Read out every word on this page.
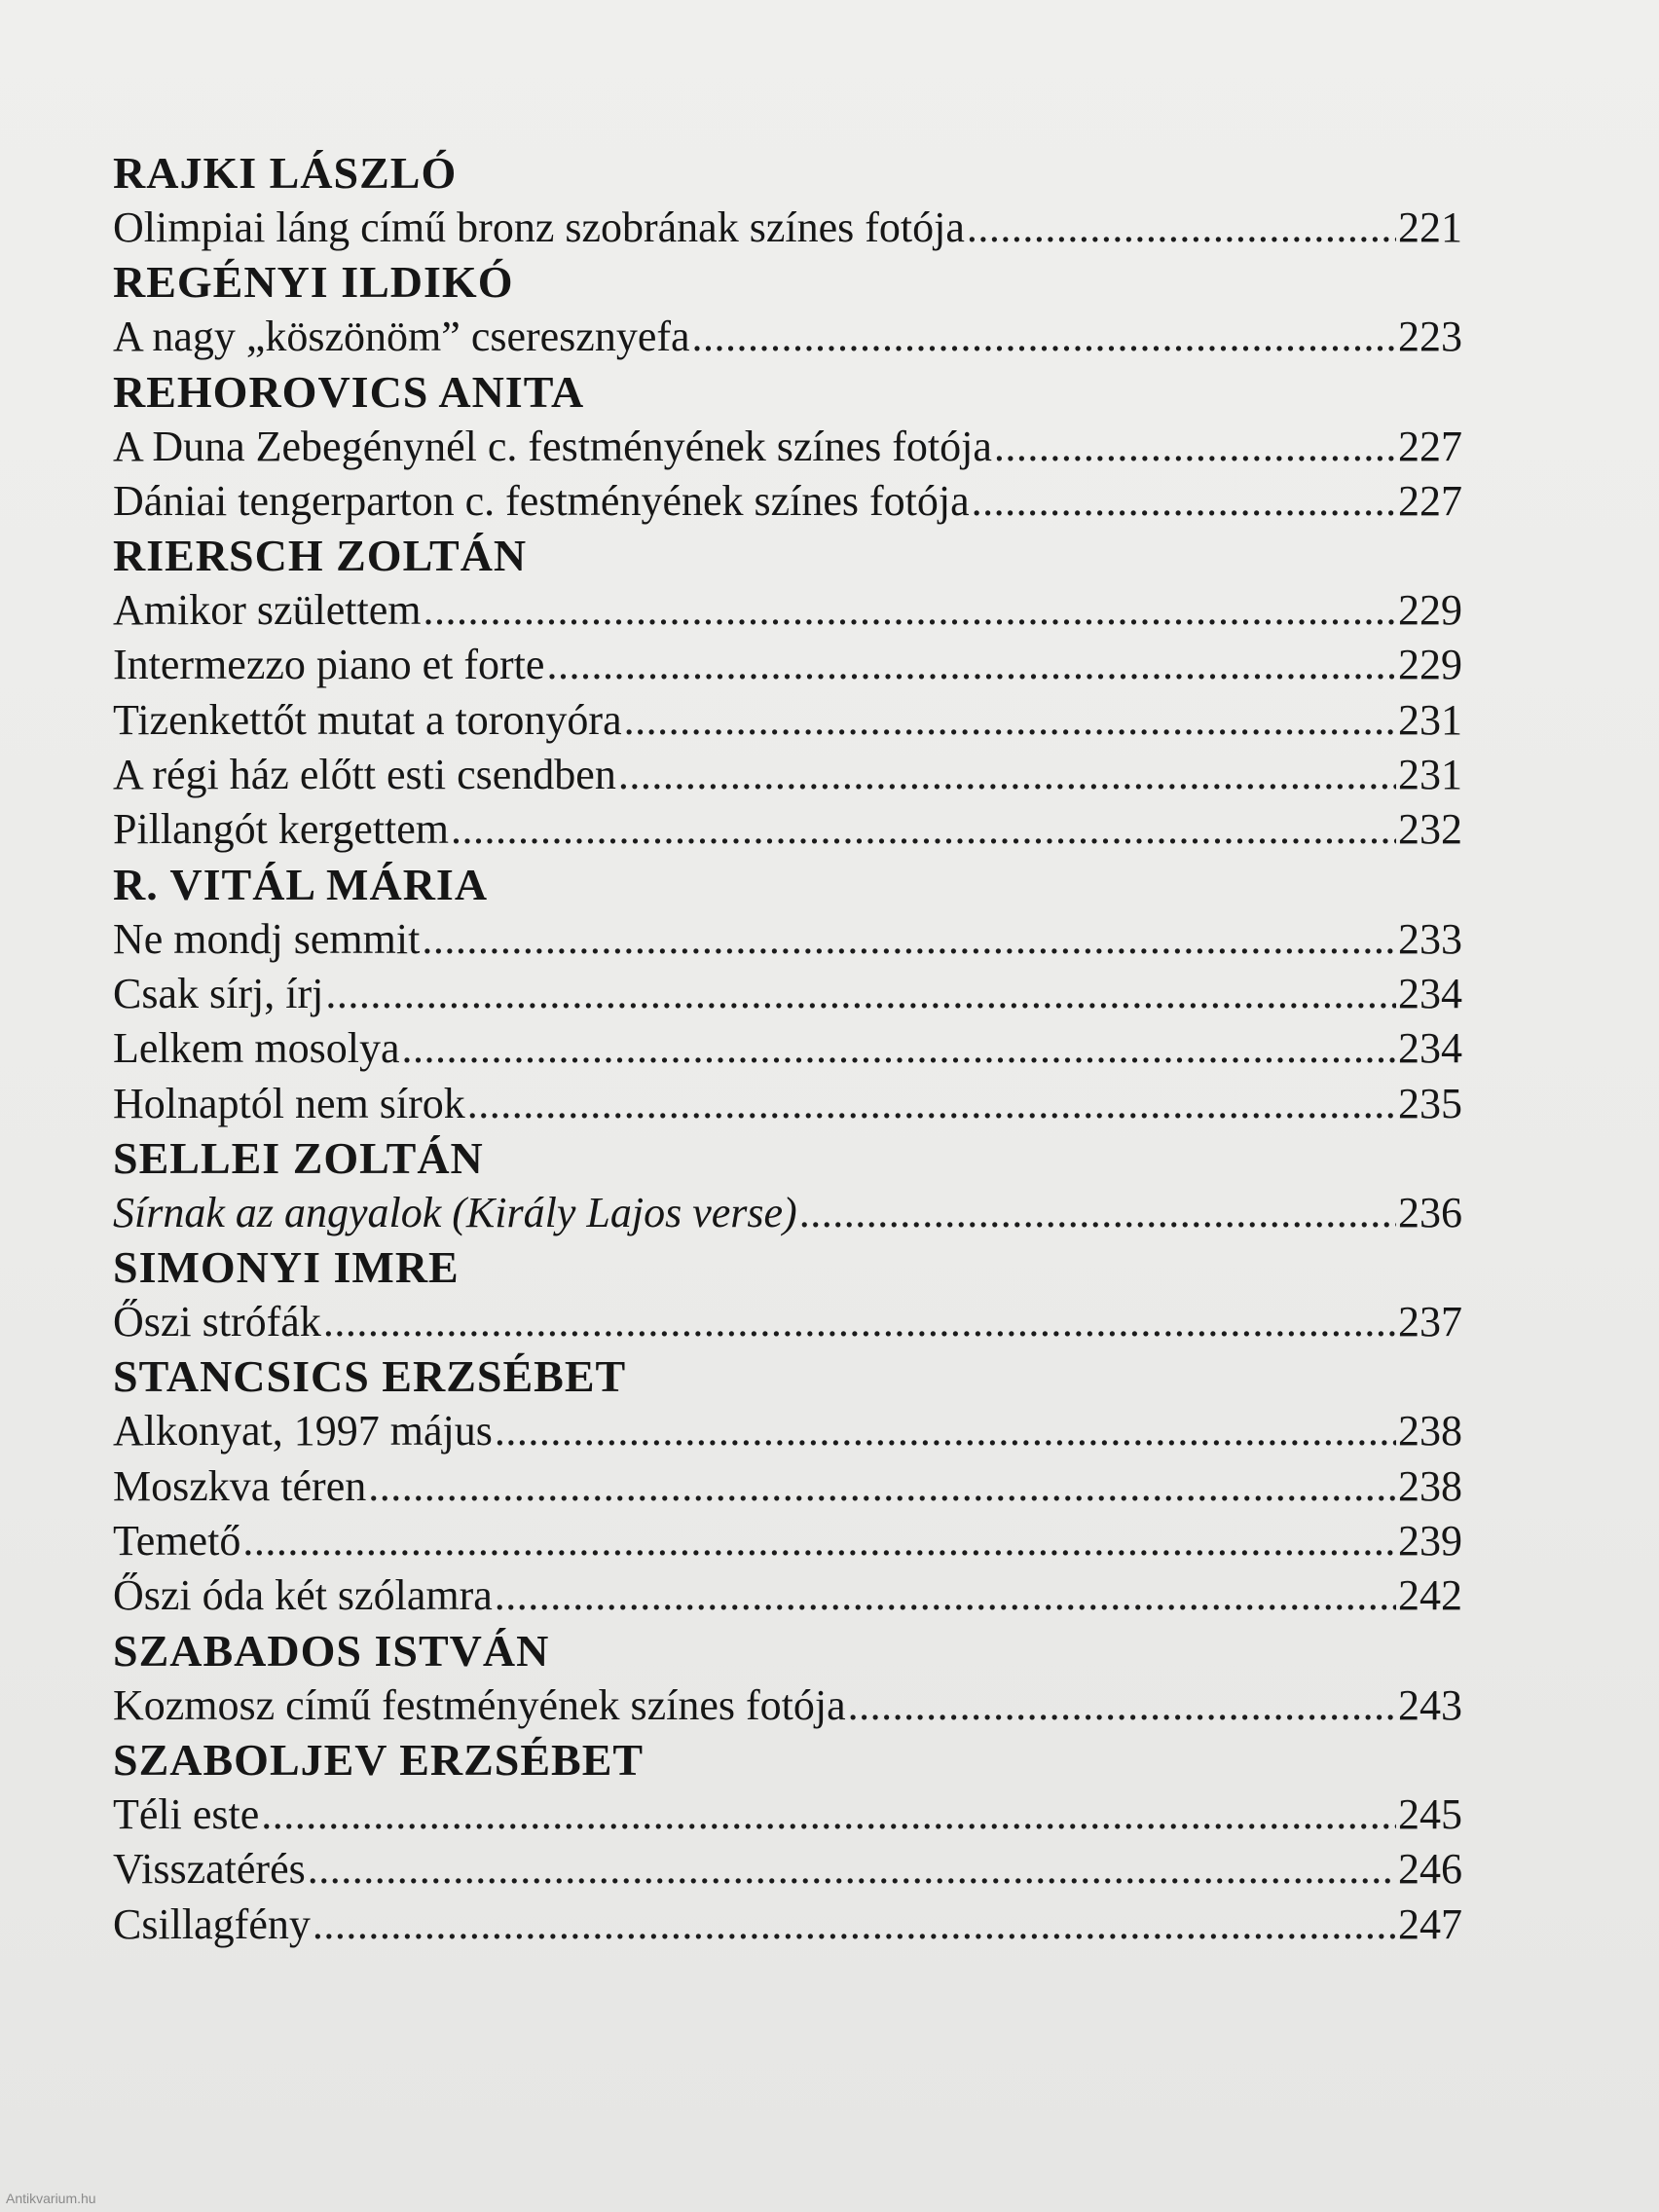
RAJKI LÁSZLÓ
Olimpiai láng című bronz szobrának színes fotója .....	221
REGÉNYI ILDIKÓ
A nagy „köszönöm” cseresznyefa .....	223
REHOROVICS ANITA
A Duna Zebegénynél c. festményének színes fotója .....	227
Dániai tengerparton c. festményének színes fotója .....	227
RIERSCH ZOLTÁN
Amikor születtem .....	229
Intermezzo piano et forte .....	229
Tizenkettőt mutat a toronyóra .....	231
A régi ház előtt esti csendben .....	231
Pillangót kergettem .....	232
R. VITÁL MÁRIA
Ne mondj semmit .....	233
Csak sírj, írj .....	234
Lelkem mosolya .....	234
Holnaptól nem sírok .....	235
SELLEI ZOLTÁN
Sírnak az angyalok (Király Lajos verse) .....	236
SIMONYI IMRE
Őszi strófák .....	237
STANCSICS ERZSÉBET
Alkonyat, 1997 május .....	238
Moszkva téren .....	238
Temető .....	239
Őszi óda két szólamra .....	242
SZABADOS ISTVÁN
Kozmosz című festményének színes fotója .....	243
SZABOLJEV ERZSÉBET
Téli este .....	245
Visszatérés .....	246
Csillagfény .....	247
Antikvarium.hu
